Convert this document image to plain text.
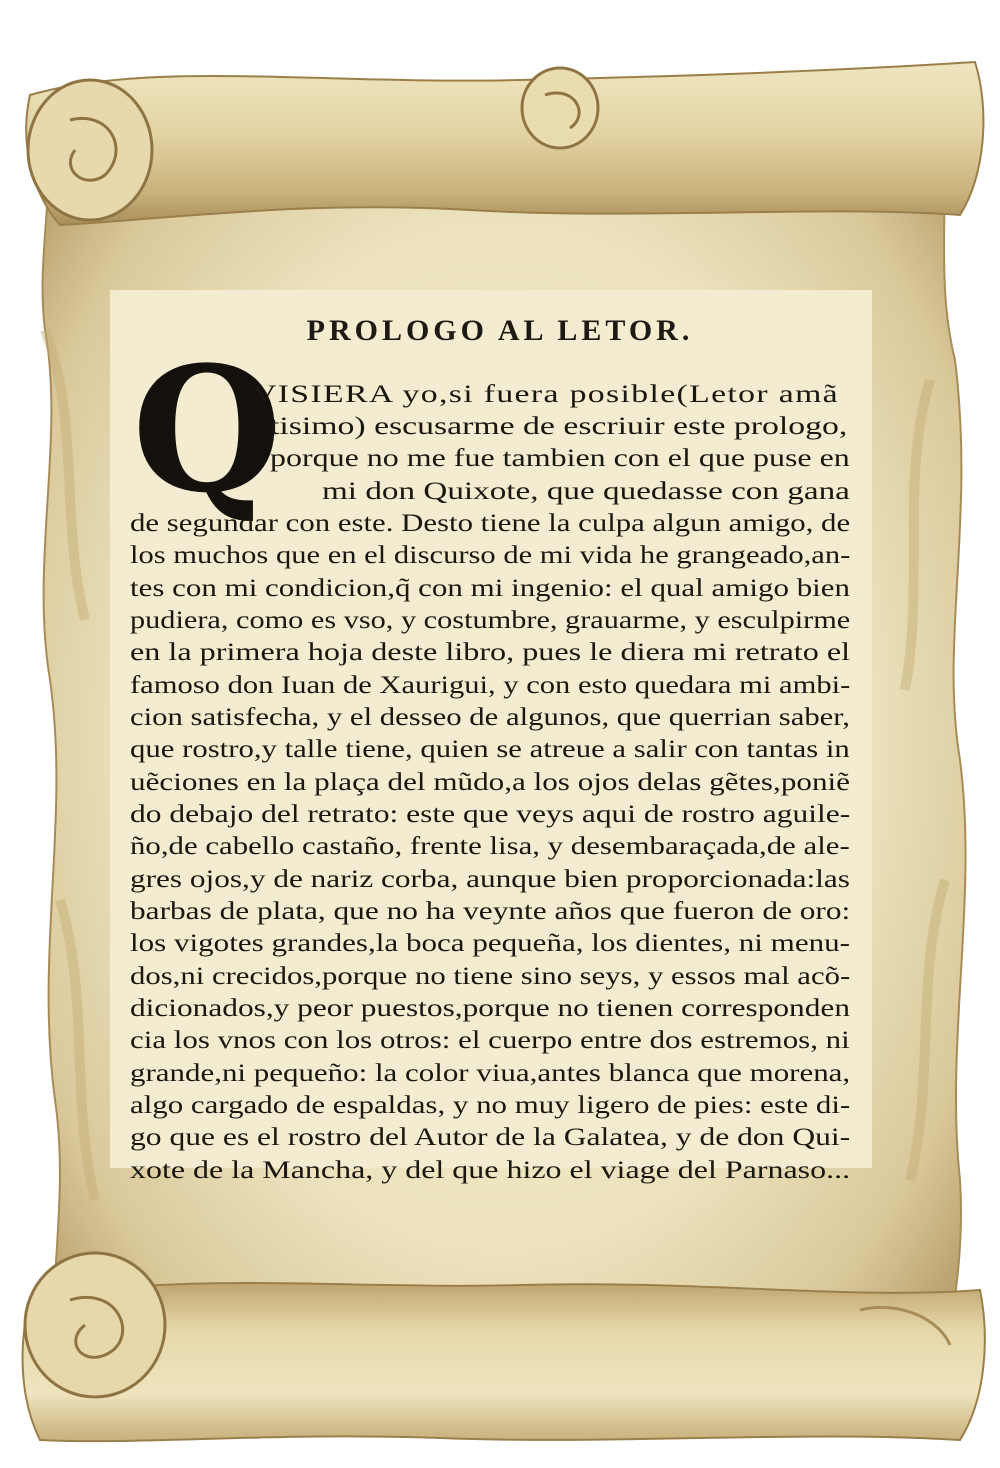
PROLOGO AL LETOR.
Q
VISIERA yo,si fuera posible(Letor amã
tisimo) escusarme de escriuir este prologo,
porque no me fue tambien con el que puse en
mi don Quixote, que quedasse con gana
de segundar con este. Desto tiene la culpa algun amigo, de
los muchos que en el discurso de mi vida he grangeado,an-
tes con mi condicion,q̃ con mi ingenio: el qual amigo bien
pudiera, como es vso, y costumbre, grauarme, y esculpirme
en la primera hoja deste libro, pues le diera mi retrato el
famoso don Iuan de Xaurigui, y con esto quedara mi ambi-
cion satisfecha, y el desseo de algunos, que querrian saber,
que rostro,y talle tiene, quien se atreue a salir con tantas in
uẽciones en la plaça del mũdo,a los ojos delas gẽtes,poniẽ
do debajo del retrato: este que veys aqui de rostro aguile-
ño,de cabello castaño, frente lisa, y desembaraçada,de ale-
gres ojos,y de nariz corba, aunque bien proporcionada:las
barbas de plata, que no ha veynte años que fueron de oro:
los vigotes grandes,la boca pequeña, los dientes, ni menu-
dos,ni crecidos,porque no tiene sino seys, y essos mal acõ-
dicionados,y peor puestos,porque no tienen corresponden
cia los vnos con los otros: el cuerpo entre dos estremos, ni
grande,ni pequeño: la color viua,antes blanca que morena,
algo cargado de espaldas, y no muy ligero de pies: este di-
go que es el rostro del Autor de la Galatea, y de don Qui-
xote de la Mancha, y del que hizo el viage del Parnaso...
